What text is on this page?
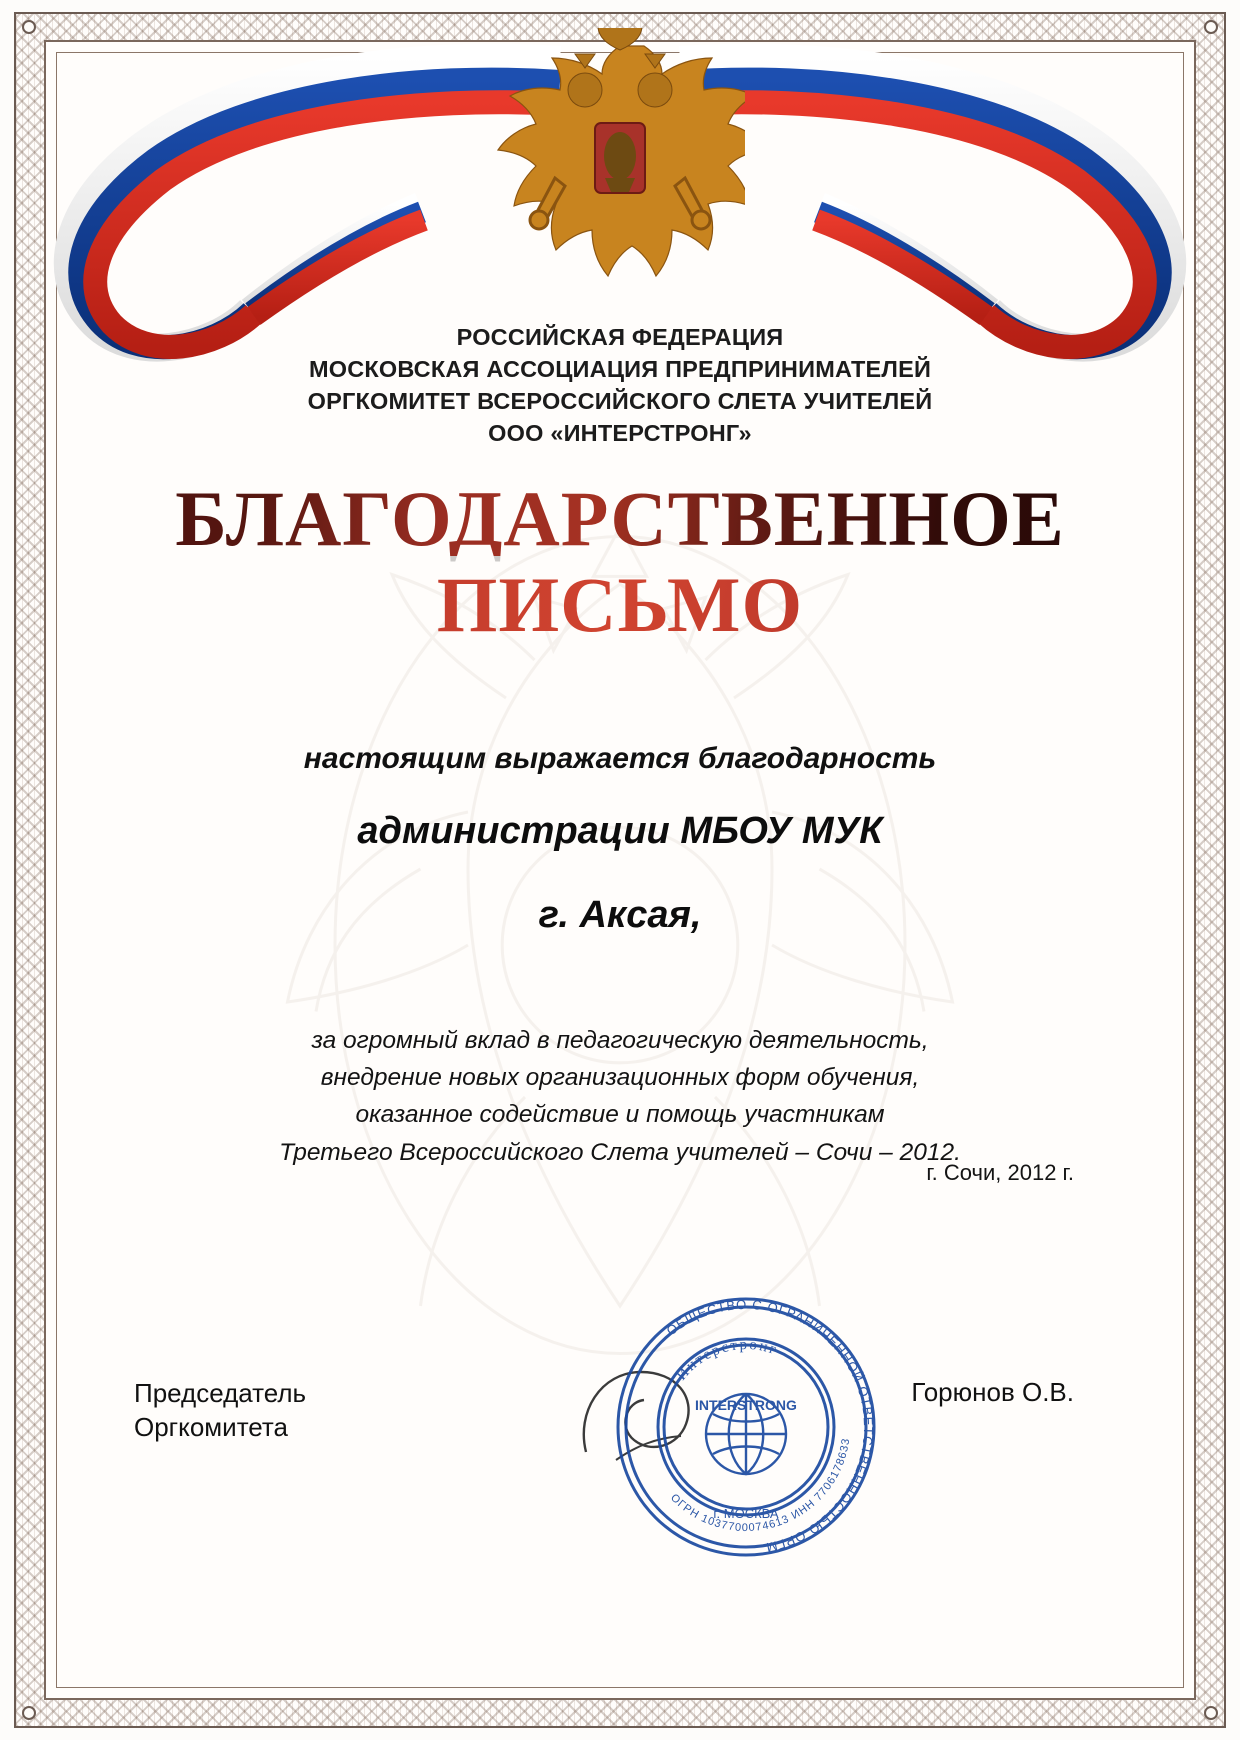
РОССИЙСКАЯ ФЕДЕРАЦИЯ
МОСКОВСКАЯ АССОЦИАЦИЯ ПРЕДПРИНИМАТЕЛЕЙ
ОРГКОМИТЕТ ВСЕРОССИЙСКОГО СЛЕТА УЧИТЕЛЕЙ
ООО «ИНТЕРСТРОНГ»
БЛАГОДАРСТВЕННОЕ
ПИСЬМО
настоящим выражается благодарность
администрации МБОУ МУК
г. Аксая,
за огромный вклад в педагогическую деятельность,
внедрение новых организационных форм обучения,
оказанное содействие и помощь участникам
Третьего Всероссийского Слета учителей – Сочи – 2012.
г. Сочи, 2012 г.
Председатель
Оргкомитета
Горюнов О.В.
ОБЩЕСТВО С ОГРАНИЧЕННОЙ ОТВЕТСТВЕННОСТЬЮ ОРГМ
ОГРН 1037700074613 ИНН 7706178633
Интерстронг
INTERSTRONG
г. МОСКВА
